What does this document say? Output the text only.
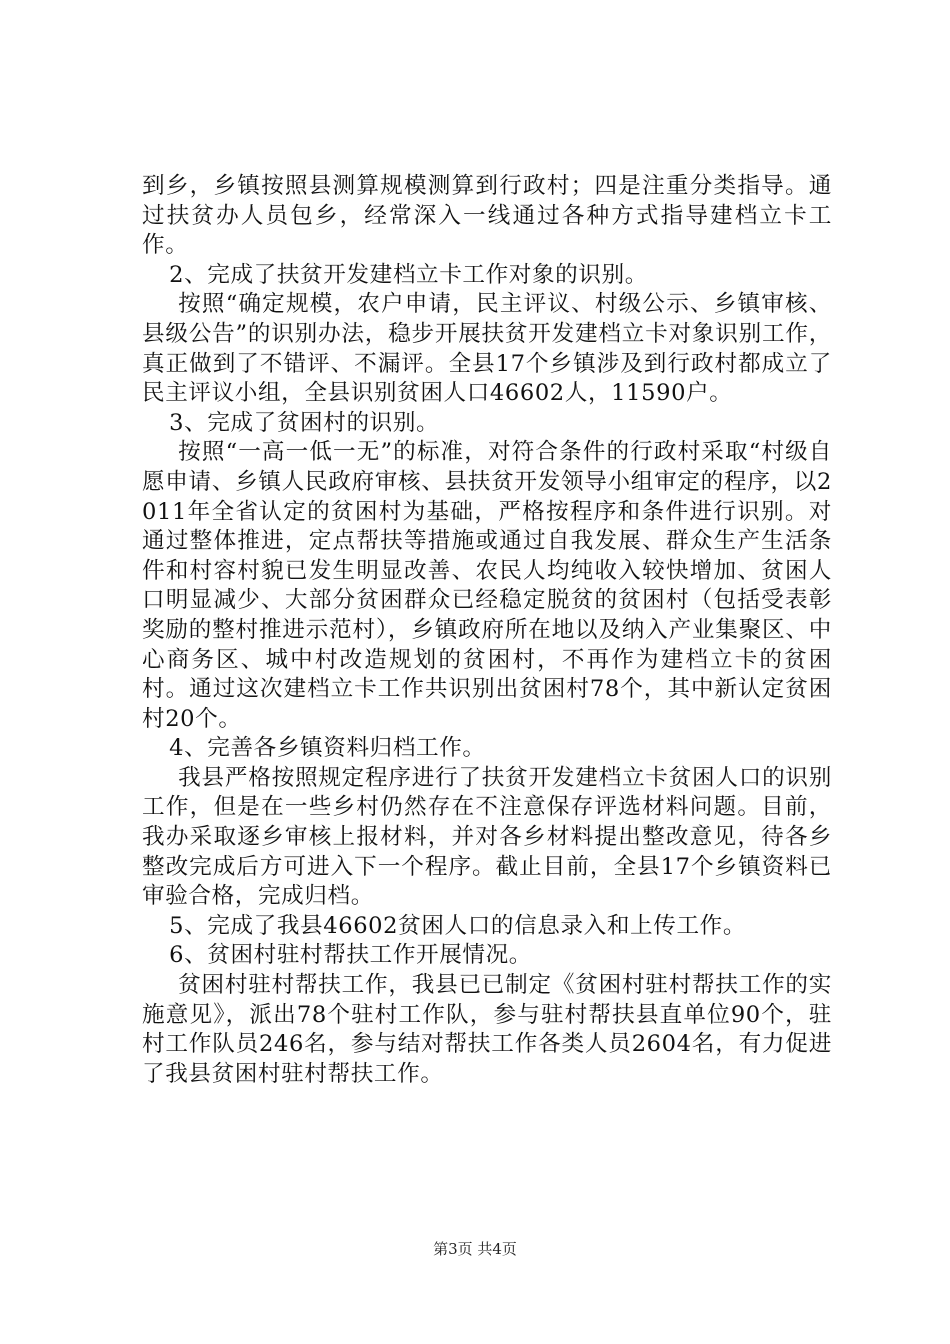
到乡，乡镇按照县测算规模测算到行政村；四是注重分类指导。通过扶贫办人员包乡，经常深入一线通过各种方式指导建档立卡工作。

2、完成了扶贫开发建档立卡工作对象的识别。

按照“确定规模，农户申请，民主评议、村级公示、乡镇审核、县级公告”的识别办法，稳步开展扶贫开发建档立卡对象识别工作，真正做到了不错评、不漏评。全县17个乡镇涉及到行政村都成立了民主评议小组，全县识别贫困人口46602人，11590户。

3、完成了贫困村的识别。

按照“一高一低一无”的标准，对符合条件的行政村采取“村级自愿申请、乡镇人民政府审核、县扶贫开发领导小组审定的程序，以2011年全省认定的贫困村为基础，严格按程序和条件进行识别。对通过整体推进，定点帮扶等措施或通过自我发展、群众生产生活条件和村容村貌已发生明显改善、农民人均纯收入较快增加、贫困人口明显减少、大部分贫困群众已经稳定脱贫的贫困村（包括受表彰奖励的整村推进示范村），乡镇政府所在地以及纳入产业集聚区、中心商务区、城中村改造规划的贫困村，不再作为建档立卡的贫困村。通过这次建档立卡工作共识别出贫困村78个，其中新认定贫困村20个。

4、完善各乡镇资料归档工作。

我县严格按照规定程序进行了扶贫开发建档立卡贫困人口的识别工作，但是在一些乡村仍然存在不注意保存评选材料问题。目前，我办采取逐乡审核上报材料，并对各乡材料提出整改意见，待各乡整改完成后方可进入下一个程序。截止目前，全县17个乡镇资料已审验合格，完成归档。

5、完成了我县46602贫困人口的信息录入和上传工作。

6、贫困村驻村帮扶工作开展情况。

贫困村驻村帮扶工作，我县已已制定《贫困村驻村帮扶工作的实施意见》，派出78个驻村工作队，参与驻村帮扶县直单位90个，驻村工作队员246名，参与结对帮扶工作各类人员2604名，有力促进了我县贫困村驻村帮扶工作。

第3页 共4页
